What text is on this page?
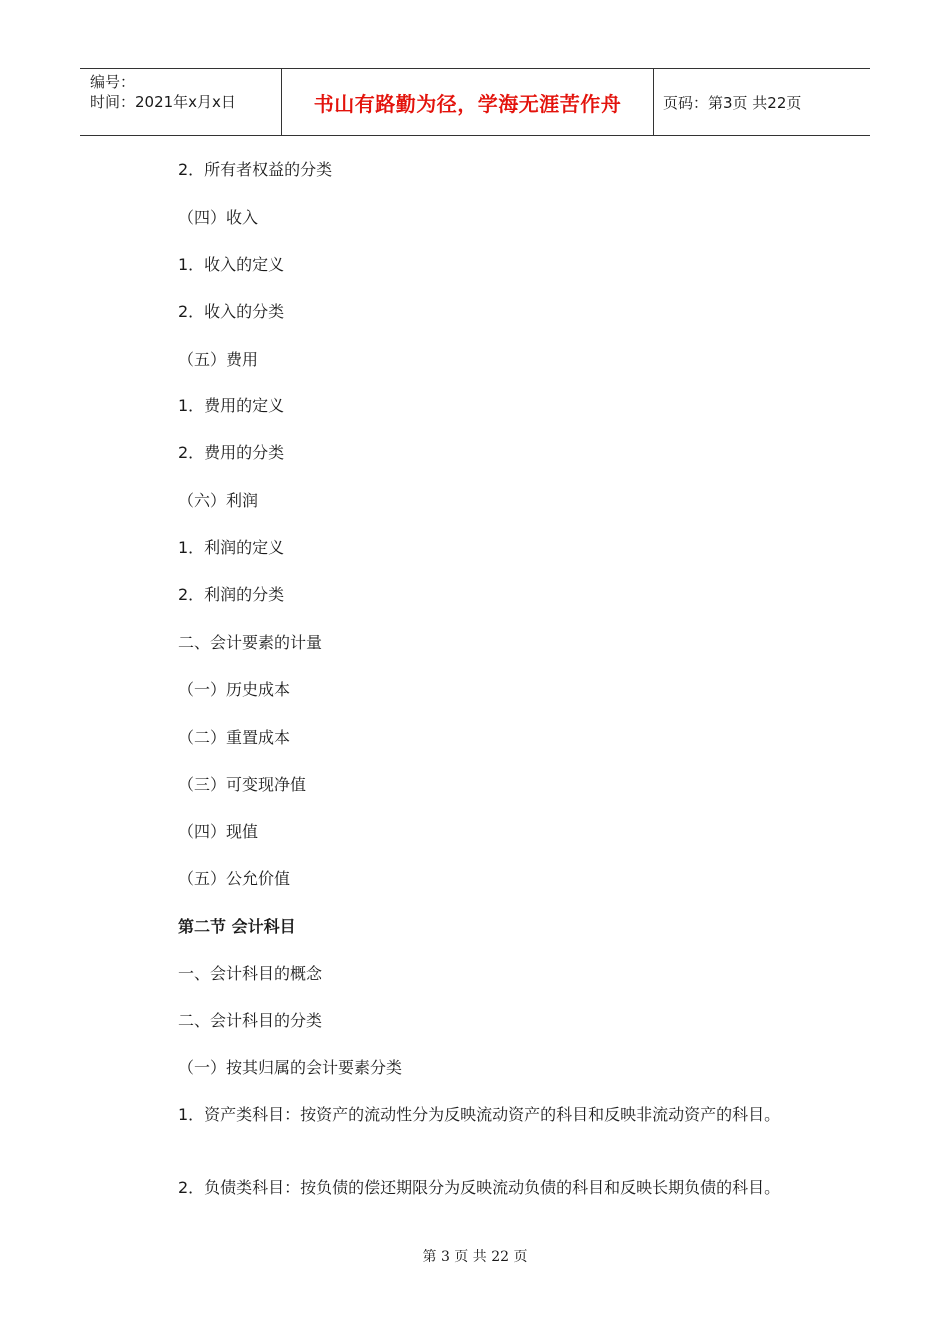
编号：
时间：2021年x月x日	书山有路勤为径，学海无涯苦作舟	页码：第3页 共22页
2．所有者权益的分类
（四）收入
1．收入的定义
2．收入的分类
（五）费用
1．费用的定义
2．费用的分类
（六）利润
1．利润的定义
2．利润的分类
二、会计要素的计量
（一）历史成本
（二）重置成本
（三）可变现净值
（四）现值
（五）公允价值
第二节 会计科目
一、会计科目的概念
二、会计科目的分类
（一）按其归属的会计要素分类
1．资产类科目：按资产的流动性分为反映流动资产的科目和反映非流动资产的科目。
2．负债类科目：按负债的偿还期限分为反映流动负债的科目和反映长期负债的科目。
第 3 页 共 22 页
